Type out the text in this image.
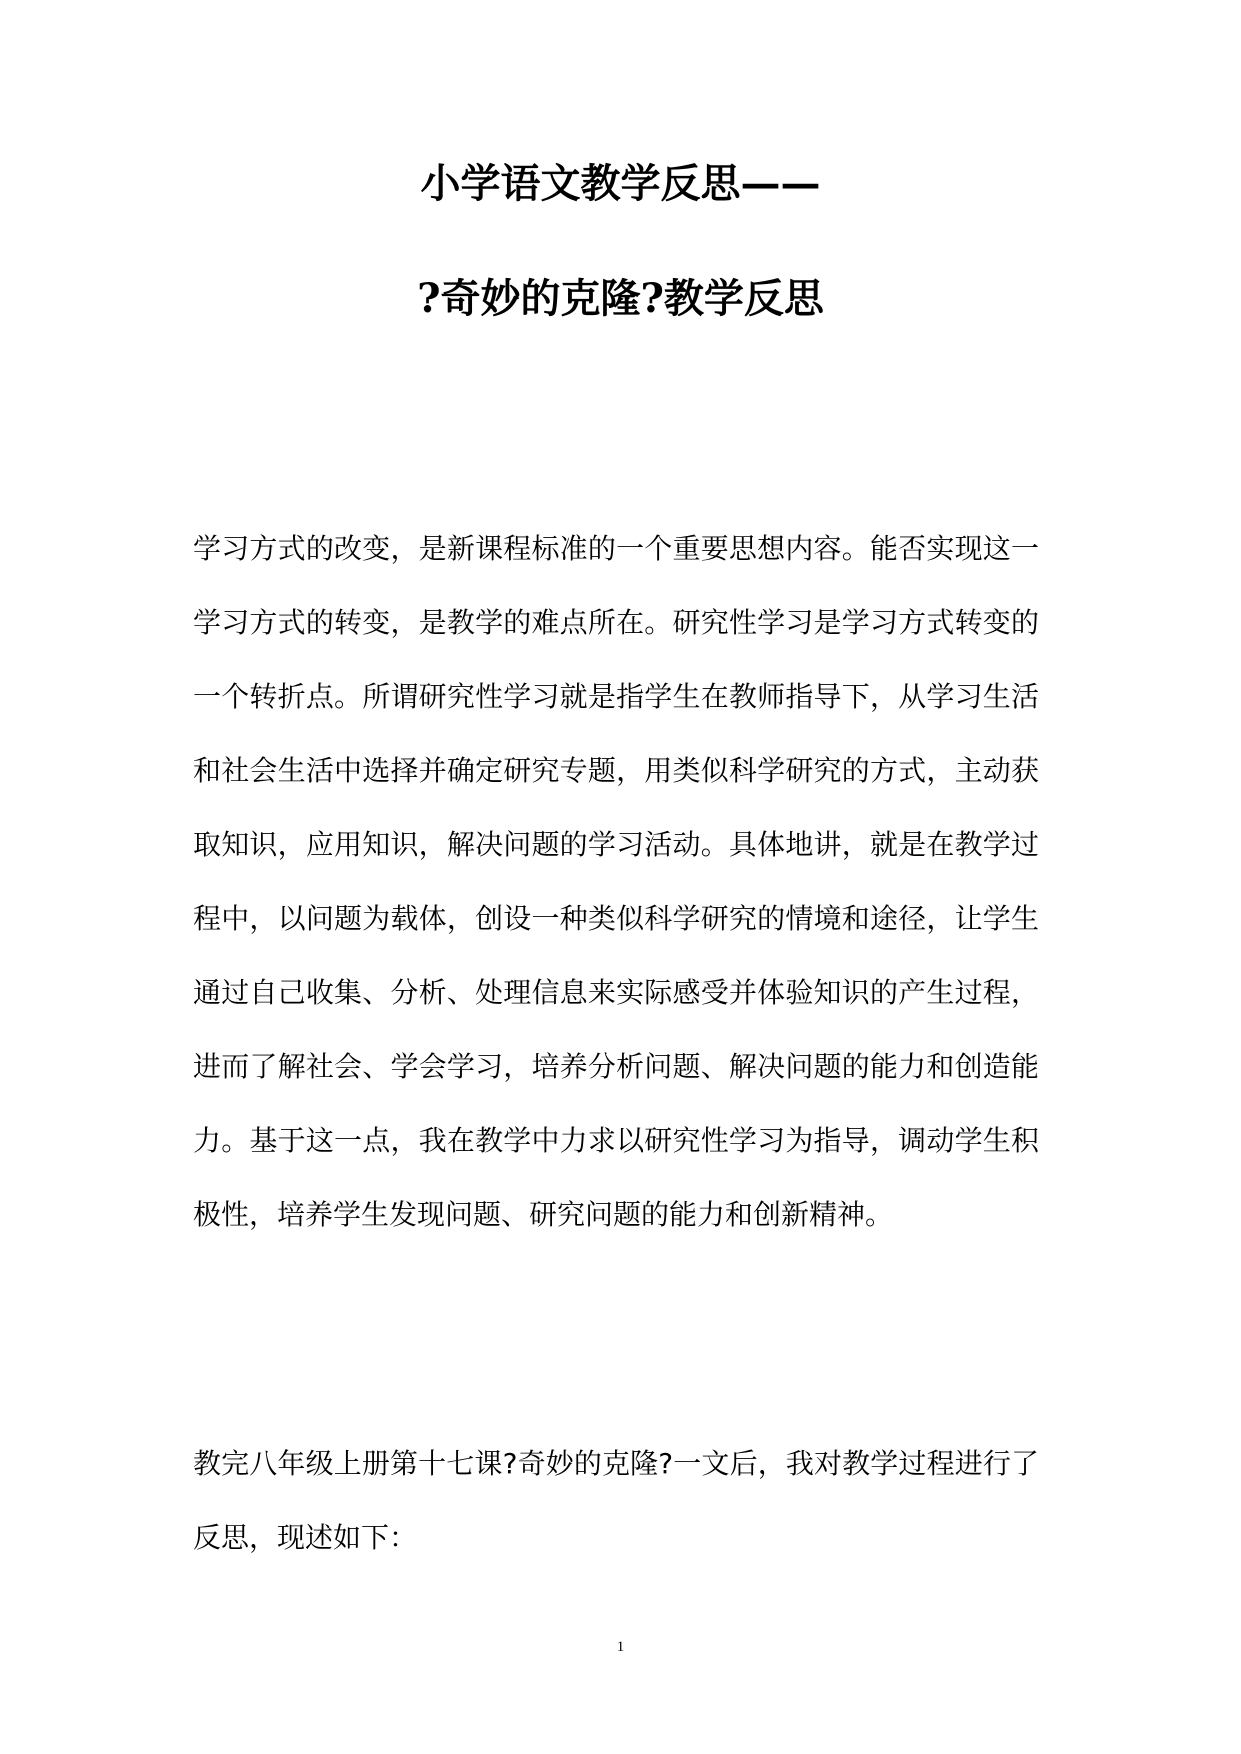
小学语文教学反思——
?奇妙的克隆?教学反思

学习方式的改变，是新课程标准的一个重要思想内容。能否实现这一学习方式的转变，是教学的难点所在。研究性学习是学习方式转变的一个转折点。所谓研究性学习就是指学生在教师指导下，从学习生活和社会生活中选择并确定研究专题，用类似科学研究的方式，主动获取知识，应用知识，解决问题的学习活动。具体地讲，就是在教学过程中，以问题为载体，创设一种类似科学研究的情境和途径，让学生通过自己收集、分析、处理信息来实际感受并体验知识的产生过程，进而了解社会、学会学习，培养分析问题、解决问题的能力和创造能力。基于这一点，我在教学中力求以研究性学习为指导，调动学生积极性，培养学生发现问题、研究问题的能力和创新精神。

教完八年级上册第十七课?奇妙的克隆?一文后，我对教学过程进行了反思，现述如下：

1
